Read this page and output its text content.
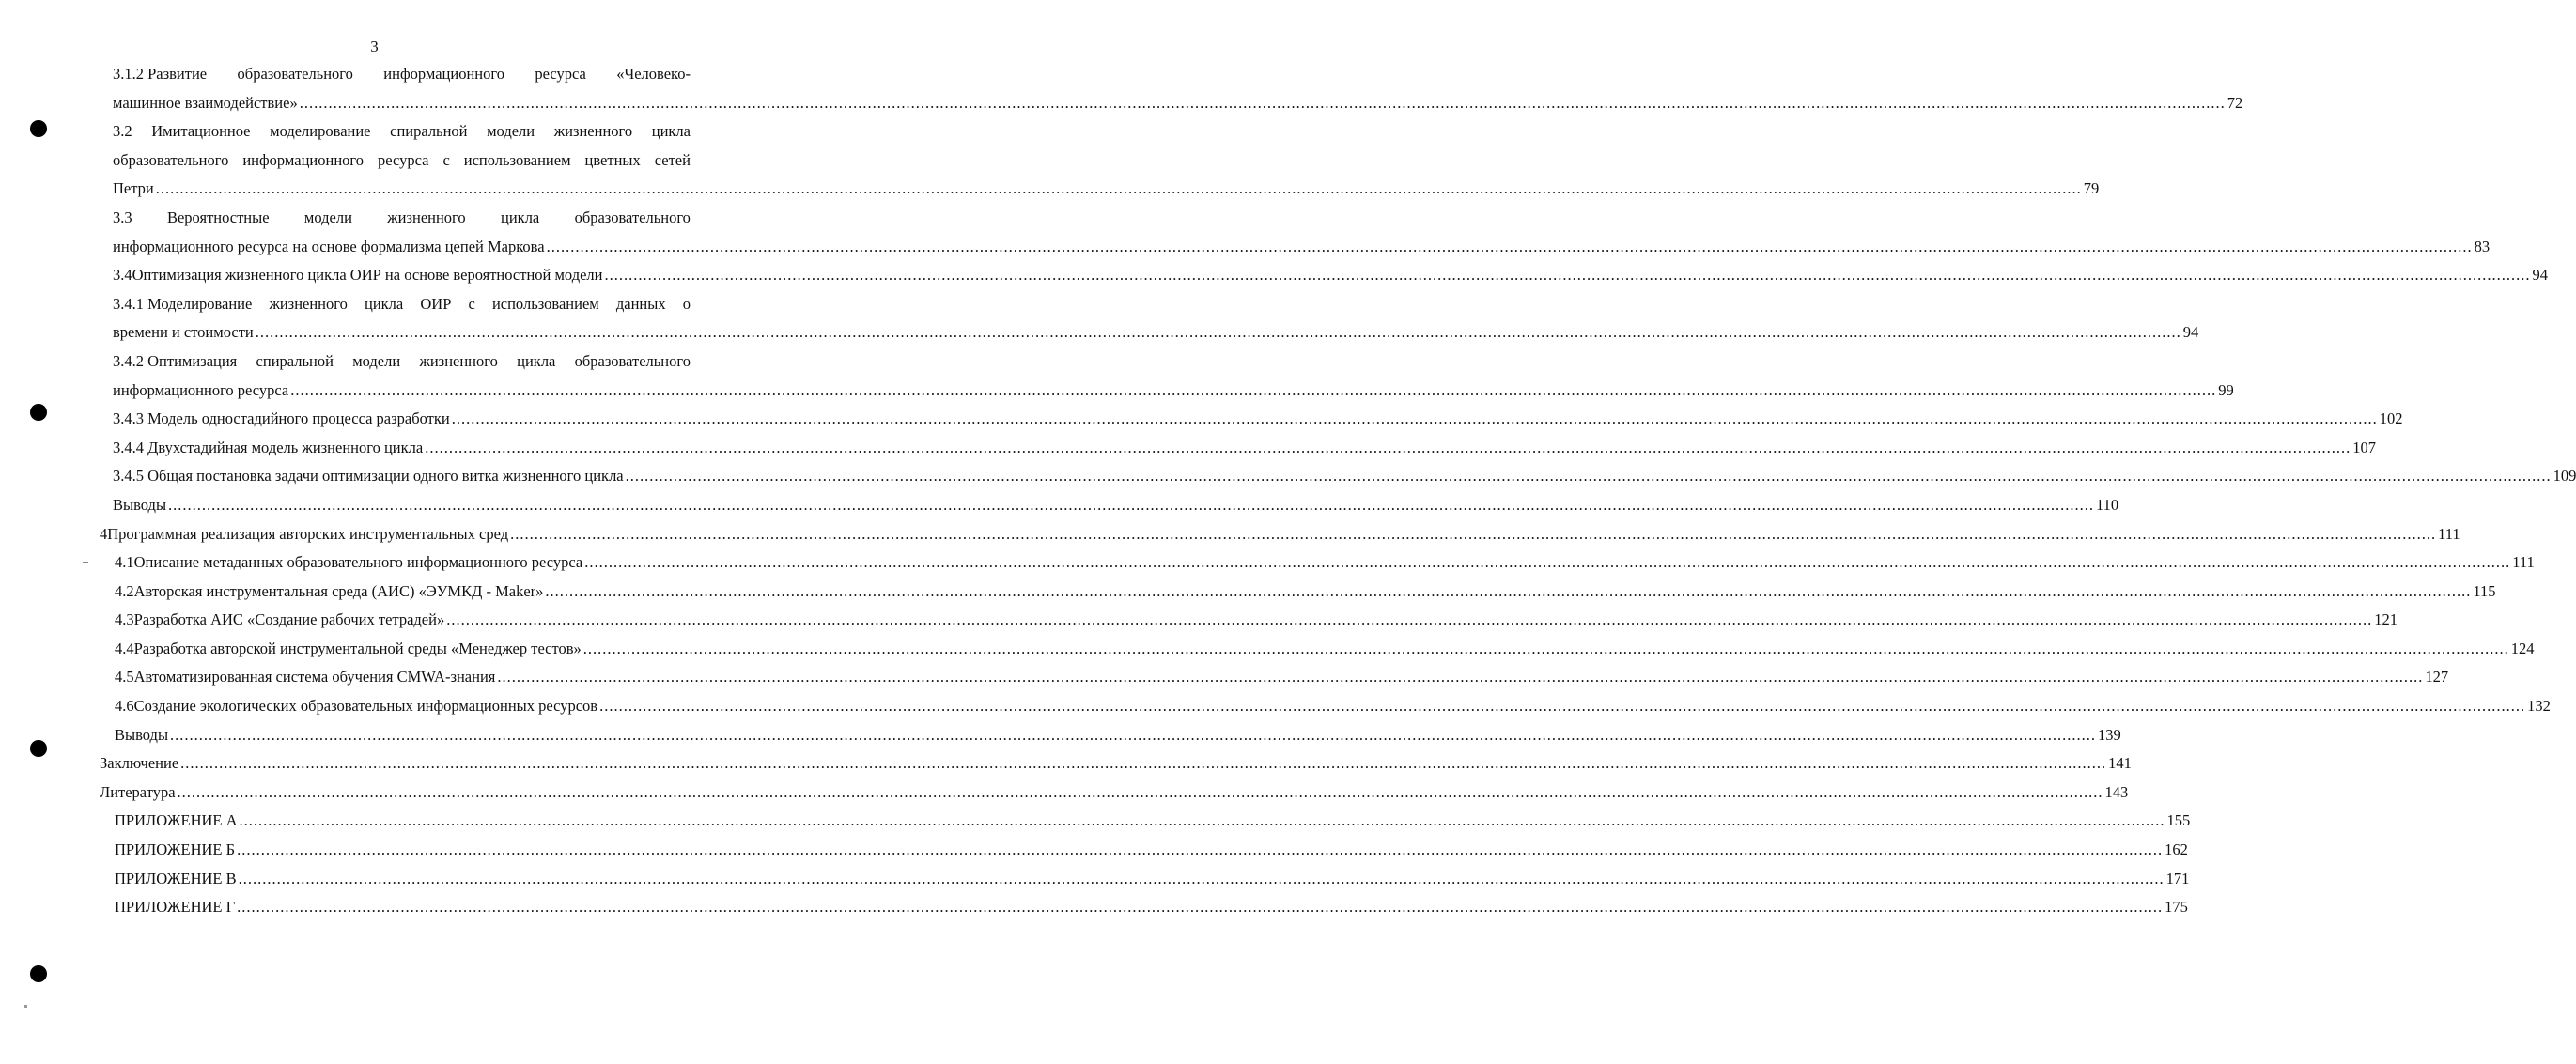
3
3.1.2 Развитие образовательного информационного ресурса «Человеко-
машинное взаимодействие» ................................................................................................................................................................................................................................................................................................................................................................................................................ 72
3.2 Имитационное моделирование спиральной модели жизненного цикла
образовательного информационного ресурса с использованием цветных сетей
Петри ................................................................................................................................................................................................................................................................................................................................................................................................................ 79
3.3 Вероятностные модели жизненного цикла образовательного
информационного ресурса на основе формализма цепей Маркова ................................................................................................................................................................................................................................................................................................................................................................................................................ 83
3.4 Оптимизация жизненного цикла ОИР на основе вероятностной модели ................................................................................................................................................................................................................................................................................................................................................................................................................ 94
3.4.1 Моделирование жизненного цикла ОИР с использованием данных о
времени и стоимости ................................................................................................................................................................................................................................................................................................................................................................................................................ 94
3.4.2 Оптимизация спиральной модели жизненного цикла образовательного
информационного ресурса ................................................................................................................................................................................................................................................................................................................................................................................................................ 99
3.4.3 Модель одностадийного процесса разработки ................................................................................................................................................................................................................................................................................................................................................................................................................ 102
3.4.4 Двухстадийная модель жизненного цикла ................................................................................................................................................................................................................................................................................................................................................................................................................ 107
3.4.5 Общая постановка задачи оптимизации одного витка жизненного цикла ................................................................................................................................................................................................................................................................................................................................................................................................................ 109
Выводы ................................................................................................................................................................................................................................................................................................................................................................................................................ 110
4 Программная реализация авторских инструментальных сред ................................................................................................................................................................................................................................................................................................................................................................................................................ 111
4.1 Описание метаданных образовательного информационного ресурса ................................................................................................................................................................................................................................................................................................................................................................................................................ 111
4.2 Авторская инструментальная среда (АИС) «ЭУМКД - Maker» ................................................................................................................................................................................................................................................................................................................................................................................................................ 115
4.3 Разработка АИС «Создание рабочих тетрадей» ................................................................................................................................................................................................................................................................................................................................................................................................................ 121
4.4 Разработка авторской инструментальной среды «Менеджер тестов» ................................................................................................................................................................................................................................................................................................................................................................................................................ 124
4.5 Автоматизированная система обучения CMWA-знания ................................................................................................................................................................................................................................................................................................................................................................................................................ 127
4.6 Создание экологических образовательных информационных ресурсов ................................................................................................................................................................................................................................................................................................................................................................................................................ 132
Выводы ................................................................................................................................................................................................................................................................................................................................................................................................................ 139
Заключение ................................................................................................................................................................................................................................................................................................................................................................................................................ 141
Литература ................................................................................................................................................................................................................................................................................................................................................................................................................ 143
ПРИЛОЖЕНИЕ А ................................................................................................................................................................................................................................................................................................................................................................................................................ 155
ПРИЛОЖЕНИЕ Б ................................................................................................................................................................................................................................................................................................................................................................................................................ 162
ПРИЛОЖЕНИЕ В ................................................................................................................................................................................................................................................................................................................................................................................................................ 171
ПРИЛОЖЕНИЕ Г ................................................................................................................................................................................................................................................................................................................................................................................................................ 175
